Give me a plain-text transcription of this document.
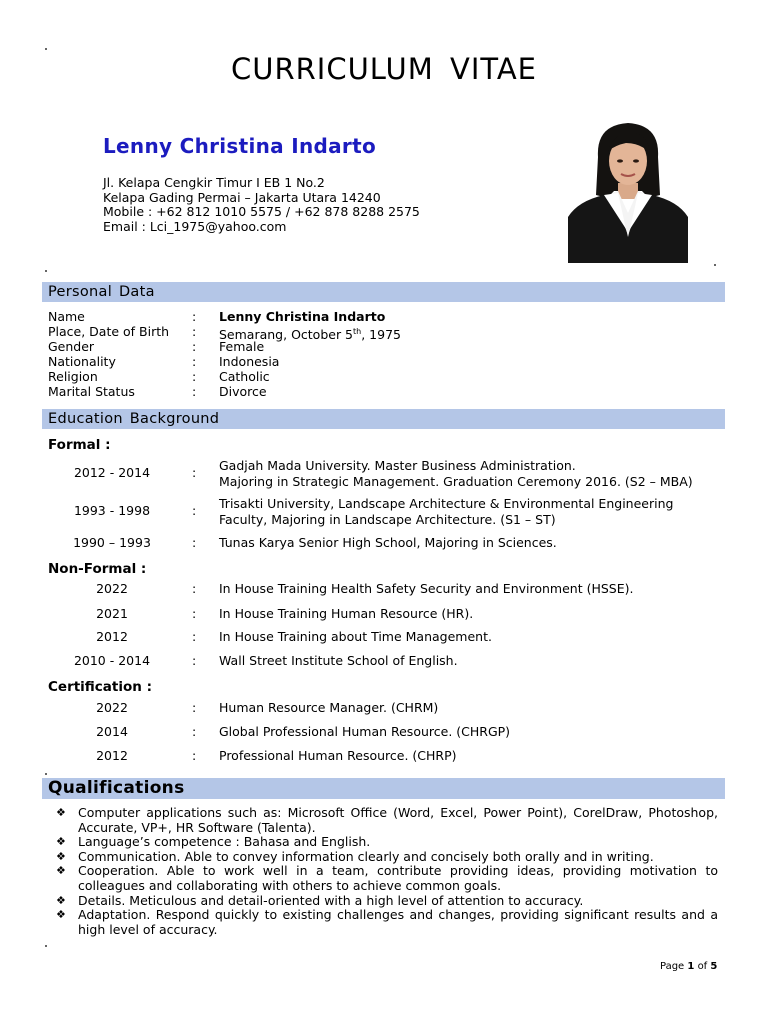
CURRICULUM VITAE
Lenny Christina Indarto
Jl. Kelapa Cengkir Timur I EB 1 No.2
Kelapa Gading Permai – Jakarta Utara 14240
Mobile : +62 812 1010 5575 / +62 878 8288 2575
Email : Lci_1975@yahoo.com
Personal Data
Name	: Lenny Christina Indarto
Place, Date of Birth : Semarang, October 5th, 1975
Gender	: Female
Nationality	: Indonesia
Religion	: Catholic
Marital Status	: Divorce
Education Background
Formal :
2012 - 2014	: Gadjah Mada University. Master Business Administration.
Majoring in Strategic Management. Graduation Ceremony 2016. (S2 – MBA)
1993 - 1998	: Trisakti University, Landscape Architecture & Environmental Engineering
Faculty, Majoring in Landscape Architecture. (S1 – ST)
1990 – 1993	: Tunas Karya Senior High School, Majoring in Sciences.
Non-Formal :
2022	: In House Training Health Safety Security and Environment (HSSE).
2021	: In House Training Human Resource (HR).
2012	: In House Training about Time Management.
2010 - 2014	: Wall Street Institute School of English.
Certification :
2022	: Human Resource Manager. (CHRM)
2014	: Global Professional Human Resource. (CHRGP)
2012	: Professional Human Resource. (CHRP)
Qualifications
❖ Computer applications such as: Microsoft Office (Word, Excel, Power Point), CorelDraw, Photoshop, Accurate, VP+, HR Software (Talenta).
❖ Language’s competence : Bahasa and English.
❖ Communication. Able to convey information clearly and concisely both orally and in writing.
❖ Cooperation. Able to work well in a team, contribute providing ideas, providing motivation to colleagues and collaborating with others to achieve common goals.
❖ Details. Meticulous and detail-oriented with a high level of attention to accuracy.
❖ Adaptation. Respond quickly to existing challenges and changes, providing significant results and a high level of accuracy.
Page 1 of 5
